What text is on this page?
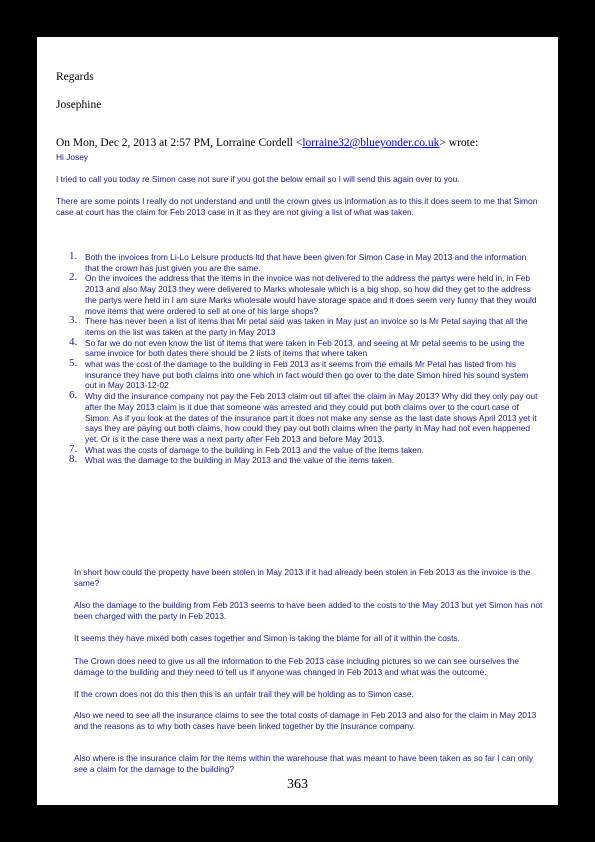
Regards
Josephine
On Mon, Dec 2, 2013 at 2:57 PM, Lorraine Cordell <lorraine32@blueyonder.co.uk> wrote:
Hi Josey
I tried to call you today re Simon case not sure if you got the below email so I will send this again over to you.
There are some points I really do not understand and until the crown gives us information as to this it does seem to me that Simon case at court has the claim for Feb 2013 case in it as they are not giving a list of what was taken.
1. Both the invoices from Li-Lo Leisure products ltd that have been given for Simon Case in May 2013 and the information that the crown has just given you are the same.
2. On the invoices the address that the items in the invoice was not delivered to the address the partys were held in, in Feb 2013 and also May 2013 they were delivered to Marks wholesale which is a big shop, so how did they get to the address the partys were held in I am sure Marks wholesale would have storage space and it does seem very funny that they would move items that were ordered to sell at one of his large shops?
3. There has never been a list of items that Mr petal said was taken in May just an invoice so is Mr Petal saying that all the items on the list was taken at the party in May 2013
4. So far we do not even know the list of items that were taken in Feb 2013, and seeing at Mr petal seems to be using the same invoice for both dates there should be 2 lists of items that where taken
5. what was the cost of the damage to the building in Feb 2013 as it seems from the emails Mr Petal has listed from his insurance they have put both claims into one which in fact would then go over to the date Simon hired his sound system out in May 2013-12-02
6. Why did the insurance company not pay the Feb 2013 claim out till after the claim in May 2013? Why did they only pay out after the May 2013 claim is it due that someone was arrested and they could put both claims over to the court case of Simon. As if you look at the dates of the insurance part it does not make any sense as the last date shows April 2013 yet it says they are paying out both claims, how could they pay out both claims when the party in May had not even happened yet. Or is it the case there was a next party after Feb 2013 and before May 2013.
7. What was the costs of damage to the building in Feb 2013 and the value of the items taken.
8. What was the damage to the building in May 2013 and the value of the items taken.
In short how could the property have been stolen in May 2013 if it had already been stolen in Feb 2013 as the invoice is the same?
Also the damage to the building from Feb 2013 seems to have been added to the costs to the May 2013 but yet Simon has not been charged with the party in Feb 2013.
It seems they have mixed both cases together and Simon is taking the blame for all of it within the costs.
The Crown does need to give us all the information to the Feb 2013 case including pictures so we can see ourselves the damage to the building and they need to tell us if anyone was changed in Feb 2013 and what was the outcome.
If the crown does not do this then this is an unfair trail they will be holding as to Simon case.
Also we need to see all the insurance claims to see the total costs of damage in Feb 2013 and also for the claim in May 2013 and the reasons as to why both cases have been linked together by the insurance company.
Also where is the insurance claim for the items within the warehouse that was meant to have been taken as so far I can only see a claim for the damage to the building?
363
